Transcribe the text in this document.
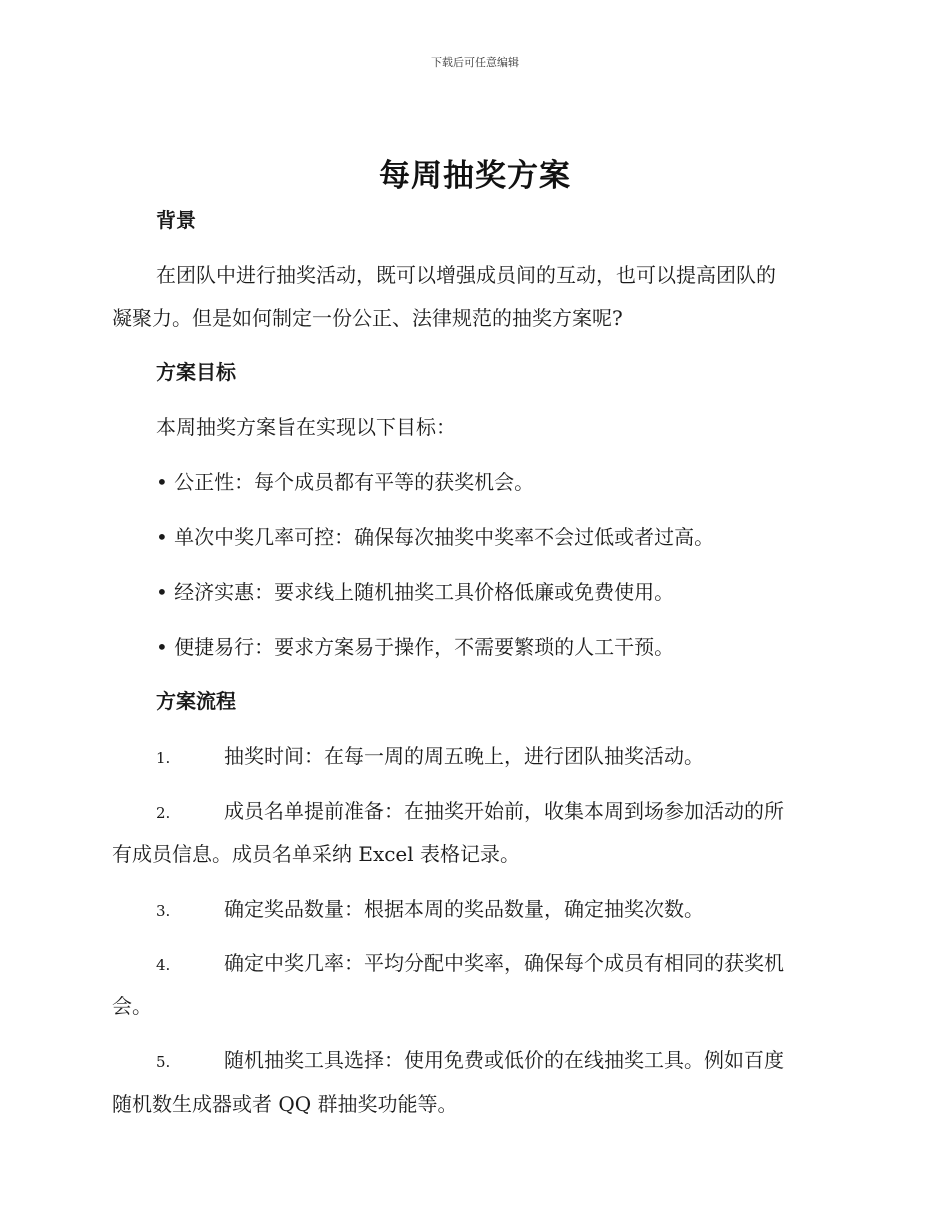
下载后可任意编辑
每周抽奖方案
背景
在团队中进行抽奖活动，既可以增强成员间的互动，也可以提高团队的
凝聚力。但是如何制定一份公正、法律规范的抽奖方案呢?
方案目标
本周抽奖方案旨在实现以下目标：
• 公正性：每个成员都有平等的获奖机会。
• 单次中奖几率可控：确保每次抽奖中奖率不会过低或者过高。
• 经济实惠：要求线上随机抽奖工具价格低廉或免费使用。
• 便捷易行：要求方案易于操作，不需要繁琐的人工干预。
方案流程
1.	抽奖时间：在每一周的周五晚上，进行团队抽奖活动。
2.	成员名单提前准备：在抽奖开始前，收集本周到场参加活动的所
有成员信息。成员名单采纳 Excel 表格记录。
3.	确定奖品数量：根据本周的奖品数量，确定抽奖次数。
4.	确定中奖几率：平均分配中奖率，确保每个成员有相同的获奖机
会。
5.	随机抽奖工具选择：使用免费或低价的在线抽奖工具。例如百度
随机数生成器或者 QQ 群抽奖功能等。
